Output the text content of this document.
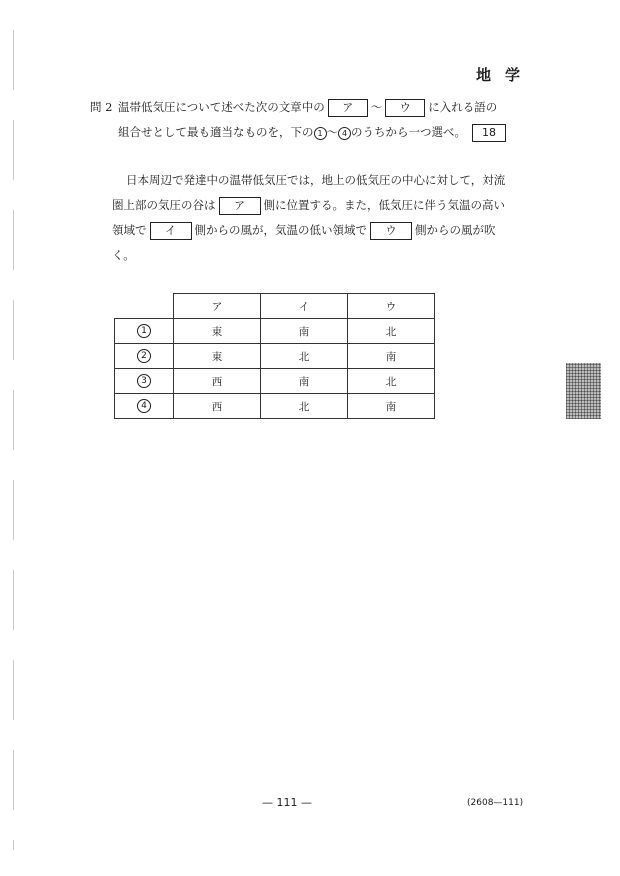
地学
問 2 温帯低気圧について述べた次の文章中の ア ～ ウ に入れる語の
組合せとして最も適当なものを，下の 1 ～ 4 のうちから一つ選べ。 18
日本周辺で発達中の温帯低気圧では，地上の低気圧の中心に対して，対流
圏上部の気圧の谷は ア 側に位置する。また，低気圧に伴う気温の高い
領域で イ 側からの風が，気温の低い領域で ウ 側からの風が吹
く。
	ア	イ	ウ
1	東	南	北
2	東	北	南
3	西	南	北
4	西	北	南
— 111 —	(2608—111)
